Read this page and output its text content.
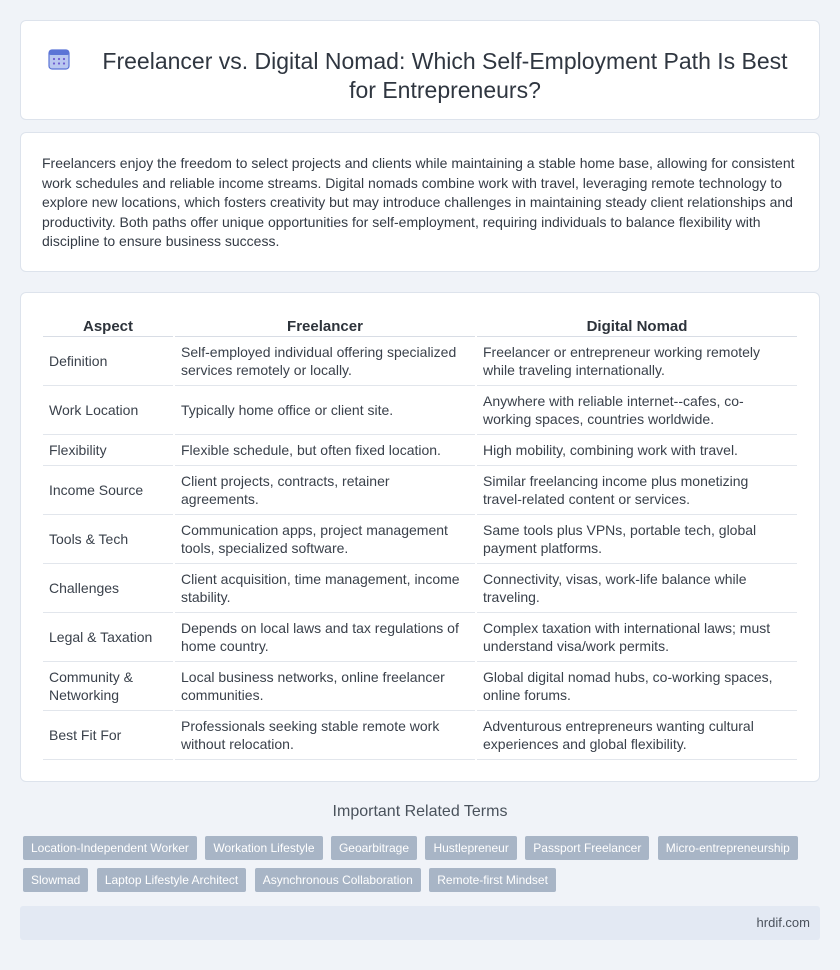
Freelancer vs. Digital Nomad: Which Self-Employment Path Is Best for Entrepreneurs?

Freelancers enjoy the freedom to select projects and clients while maintaining a stable home base, allowing for consistent work schedules and reliable income streams. Digital nomads combine work with travel, leveraging remote technology to explore new locations, which fosters creativity but may introduce challenges in maintaining steady client relationships and productivity. Both paths offer unique opportunities for self-employment, requiring individuals to balance flexibility with discipline to ensure business success.

Aspect	Freelancer	Digital Nomad
Definition	Self-employed individual offering specialized services remotely or locally.	Freelancer or entrepreneur working remotely while traveling internationally.
Work Location	Typically home office or client site.	Anywhere with reliable internet--cafes, co-working spaces, countries worldwide.
Flexibility	Flexible schedule, but often fixed location.	High mobility, combining work with travel.
Income Source	Client projects, contracts, retainer agreements.	Similar freelancing income plus monetizing travel-related content or services.
Tools & Tech	Communication apps, project management tools, specialized software.	Same tools plus VPNs, portable tech, global payment platforms.
Challenges	Client acquisition, time management, income stability.	Connectivity, visas, work-life balance while traveling.
Legal & Taxation	Depends on local laws and tax regulations of home country.	Complex taxation with international laws; must understand visa/work permits.
Community & Networking	Local business networks, online freelancer communities.	Global digital nomad hubs, co-working spaces, online forums.
Best Fit For	Professionals seeking stable remote work without relocation.	Adventurous entrepreneurs wanting cultural experiences and global flexibility.
Important Related Terms
Location-Independent Worker Workation Lifestyle Geoarbitrage Hustlepreneur Passport Freelancer Micro-entrepreneurship Slowmad Laptop Lifestyle Architect Asynchronous Collaboration Remote-first Mindset
hrdif.com
